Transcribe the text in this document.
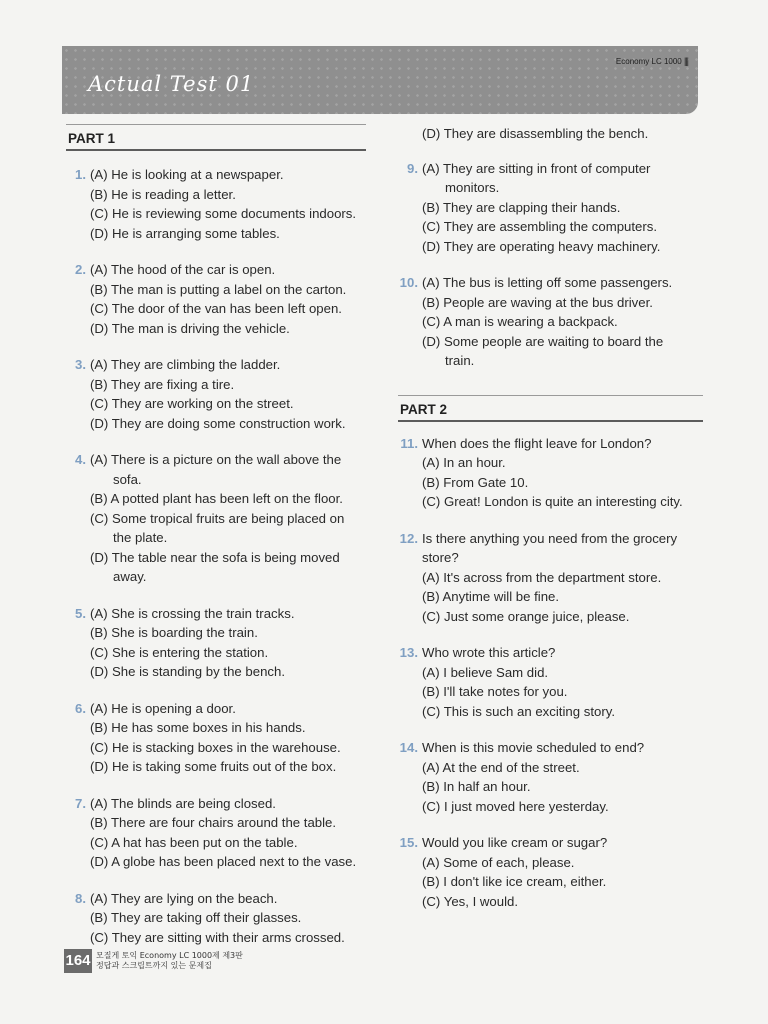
Economy LC 1000 |||
Actual Test 01
PART 1
1. (A) He is looking at a newspaper.
(B) He is reading a letter.
(C) He is reviewing some documents indoors.
(D) He is arranging some tables.
2. (A) The hood of the car is open.
(B) The man is putting a label on the carton.
(C) The door of the van has been left open.
(D) The man is driving the vehicle.
3. (A) They are climbing the ladder.
(B) They are fixing a tire.
(C) They are working on the street.
(D) They are doing some construction work.
4. (A) There is a picture on the wall above the
sofa.
(B) A potted plant has been left on the floor.
(C) Some tropical fruits are being placed on
the plate.
(D) The table near the sofa is being moved
away.
5. (A) She is crossing the train tracks.
(B) She is boarding the train.
(C) She is entering the station.
(D) She is standing by the bench.
6. (A) He is opening a door.
(B) He has some boxes in his hands.
(C) He is stacking boxes in the warehouse.
(D) He is taking some fruits out of the box.
7. (A) The blinds are being closed.
(B) There are four chairs around the table.
(C) A hat has been put on the table.
(D) A globe has been placed next to the vase.
8. (A) They are lying on the beach.
(B) They are taking off their glasses.
(C) They are sitting with their arms crossed.
(D) They are disassembling the bench.
9. (A) They are sitting in front of computer
monitors.
(B) They are clapping their hands.
(C) They are assembling the computers.
(D) They are operating heavy machinery.
10. (A) The bus is letting off some passengers.
(B) People are waving at the bus driver.
(C) A man is wearing a backpack.
(D) Some people are waiting to board the
train.
PART 2
11. When does the flight leave for London?
(A) In an hour.
(B) From Gate 10.
(C) Great! London is quite an interesting city.
12. Is there anything you need from the grocery
store?
(A) It's across from the department store.
(B) Anytime will be fine.
(C) Just some orange juice, please.
13. Who wrote this article?
(A) I believe Sam did.
(B) I'll take notes for you.
(C) This is such an exciting story.
14. When is this movie scheduled to end?
(A) At the end of the street.
(B) In half an hour.
(C) I just moved here yesterday.
15. Would you like cream or sugar?
(A) Some of each, please.
(B) I don't like ice cream, either.
(C) Yes, I would.
164 모질게 토익 Economy LC 1000제 제3판
정답과 스크립트까지 있는 문제집
